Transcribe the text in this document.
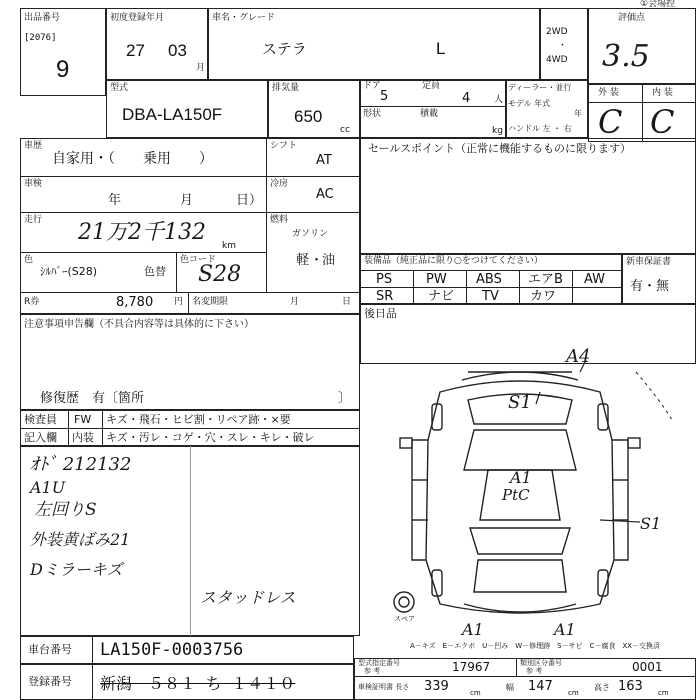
出品番号
[2076]
9
初度登録年月
27 03
月
車名・グレード
ステラ	L
2WD
・
4WD
評価点
①会場控
3.5
外 装	内 装
C C
型式
DBA-LA150F
排気量
650
cc
ドア
5
定員
4	人
形状	積載
kg
ディーラー・並行
モデル 年式
年
ハンドル 左 ・ 右
車歴
自家用・（　　乗用　　）
シフト
AT
車検
年	月	日）
冷房
AC
走行 21万2千132
km
燃料
ガソリン
軽 ・
油
色
ｼﾙﾊﾞｰ(S28)	色替
色コード
S28
R券	8,780 円 名変期限	月	日
セールスポイント（正常に機能するものに限ります）
装備品（純正品に限り○をつけてください）
PS	PW ABS エアB AW
SR	ナビ TV カワ
新車保証書
有・無
後日品
注意事項申告欄（不具合内容等は具体的に下さい）
修復歴　有〔箇所	〕
検査員 FW キズ・飛石・ヒビ割・リペア跡・×要
記入欄 内装 キズ・汚レ・コゲ・穴・スレ・キレ・破レ
ｵﾄﾞ 212132
A1U
左回りS
外装黄ばみ21
Dミラーキズ
スタッドレス
A4
S1
A1
PtC
S1
A1	A1
スペア
A－キズ　E－エクボ　U－凹み　W－修理跡　S－サビ　C－腐食　XX－交換済
車台番号 LA150F-0003756
登録番号 新潟　５８１ ち １４１０
型式指定番号
参 考	17967	類別区分番号
参 考	0001
車検証明書 長さ 339	cm
幅 147 cm
高さ 163 cm
